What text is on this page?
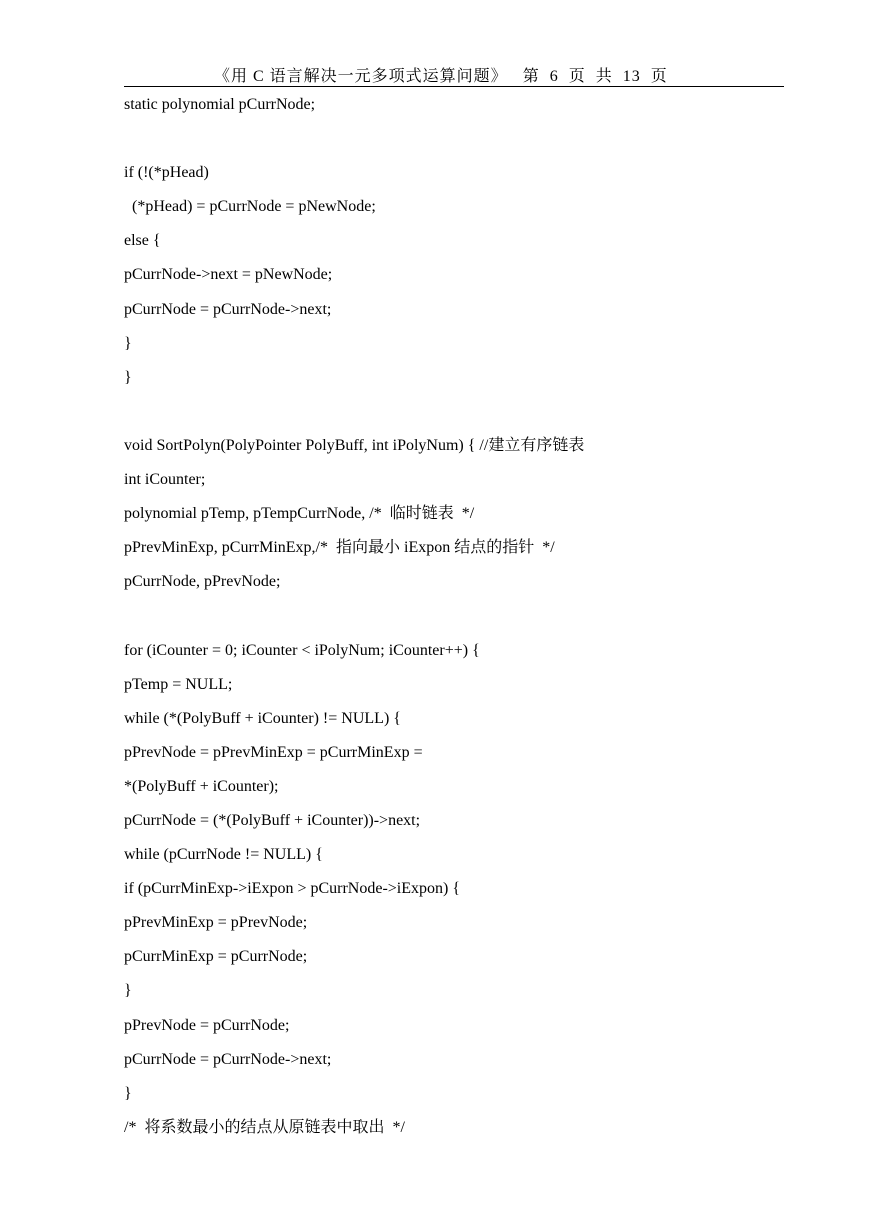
《用 C 语言解决一元多项式运算问题》 第  6  页  共  13  页
static polynomial pCurrNode;
if (!(*pHead)
(*pHead) = pCurrNode = pNewNode;
else {
pCurrNode->next = pNewNode;
pCurrNode = pCurrNode->next;
}
}
void SortPolyn(PolyPointer PolyBuff, int iPolyNum) { //建立有序链表
int iCounter;
polynomial pTemp, pTempCurrNode, /*  临时链表  */
pPrevMinExp, pCurrMinExp,/*  指向最小 iExpon 结点的指针  */
pCurrNode, pPrevNode;
for (iCounter = 0; iCounter < iPolyNum; iCounter++) {
pTemp = NULL;
while (*(PolyBuff + iCounter) != NULL) {
pPrevNode = pPrevMinExp = pCurrMinExp =
*(PolyBuff + iCounter);
pCurrNode = (*(PolyBuff + iCounter))->next;
while (pCurrNode != NULL) {
if (pCurrMinExp->iExpon > pCurrNode->iExpon) {
pPrevMinExp = pPrevNode;
pCurrMinExp = pCurrNode;
}
pPrevNode = pCurrNode;
pCurrNode = pCurrNode->next;
}
/*  将系数最小的结点从原链表中取出  */
